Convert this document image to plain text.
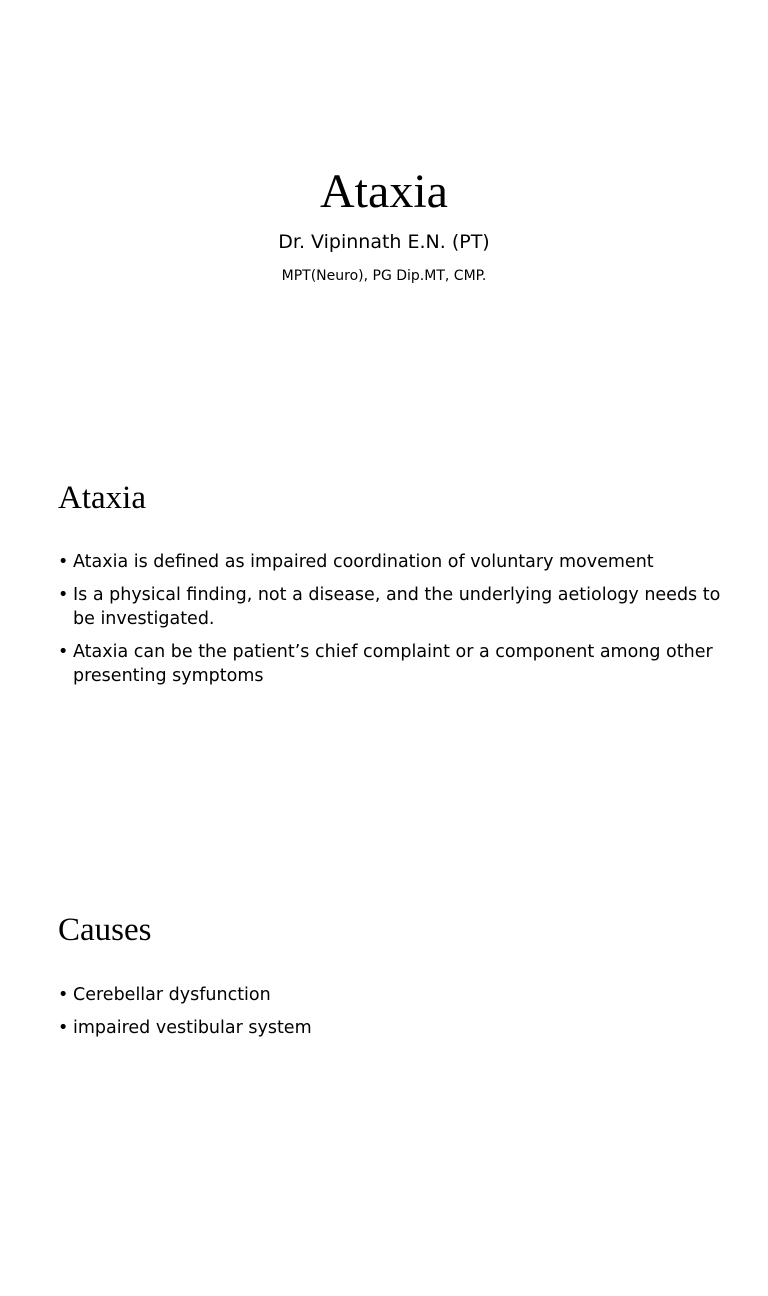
Ataxia
Dr. Vipinnath E.N. (PT)
MPT(Neuro), PG Dip.MT, CMP.
Ataxia
• Ataxia is defined as impaired coordination of voluntary movement
• Is a physical finding, not a disease, and the underlying aetiology needs to be investigated.
• Ataxia can be the patient’s chief complaint or a component among other presenting symptoms
Causes
• Cerebellar dysfunction
• impaired vestibular system
